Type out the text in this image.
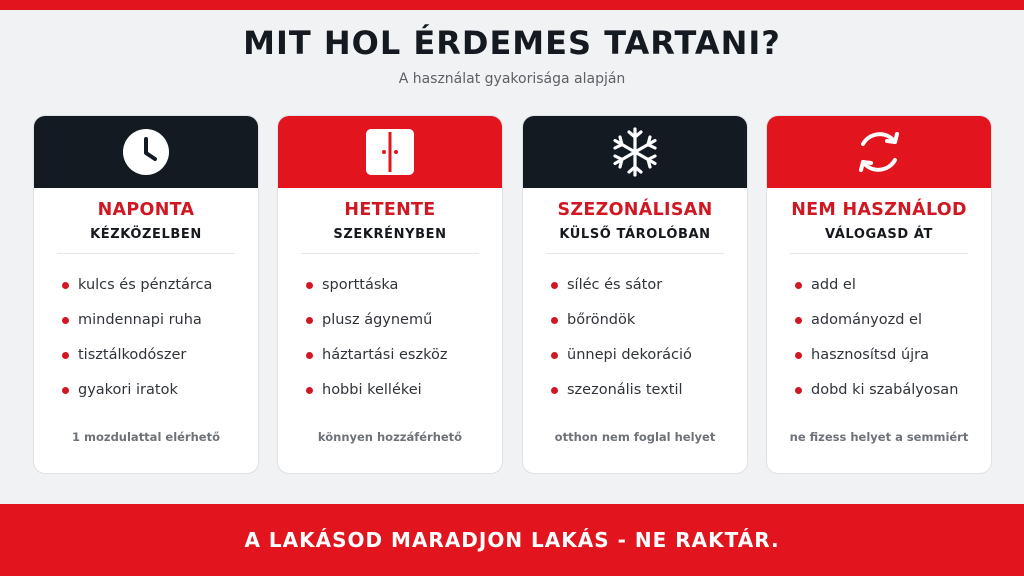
MIT HOL ÉRDEMES TARTANI?
A használat gyakorisága alapján
NAPONTA
KÉZKÖZELBEN
kulcs és pénztárca
mindennapi ruha
tisztálkodószer
gyakori iratok
1 mozdulattal elérhető
HETENTE
SZEKRÉNYBEN
sporttáska
plusz ágynemű
háztartási eszköz
hobbi kellékei
könnyen hozzáférhető
SZEZONÁLISAN
KÜLSŐ TÁROLÓBAN
síléc és sátor
bőröndök
ünnepi dekoráció
szezonális textil
otthon nem foglal helyet
NEM HASZNÁLOD
VÁLOGASD ÁT
add el
adományozd el
hasznosítsd újra
dobd ki szabályosan
ne fizess helyet a semmiért
A LAKÁSOD MARADJON LAKÁS - NE RAKTÁR.
